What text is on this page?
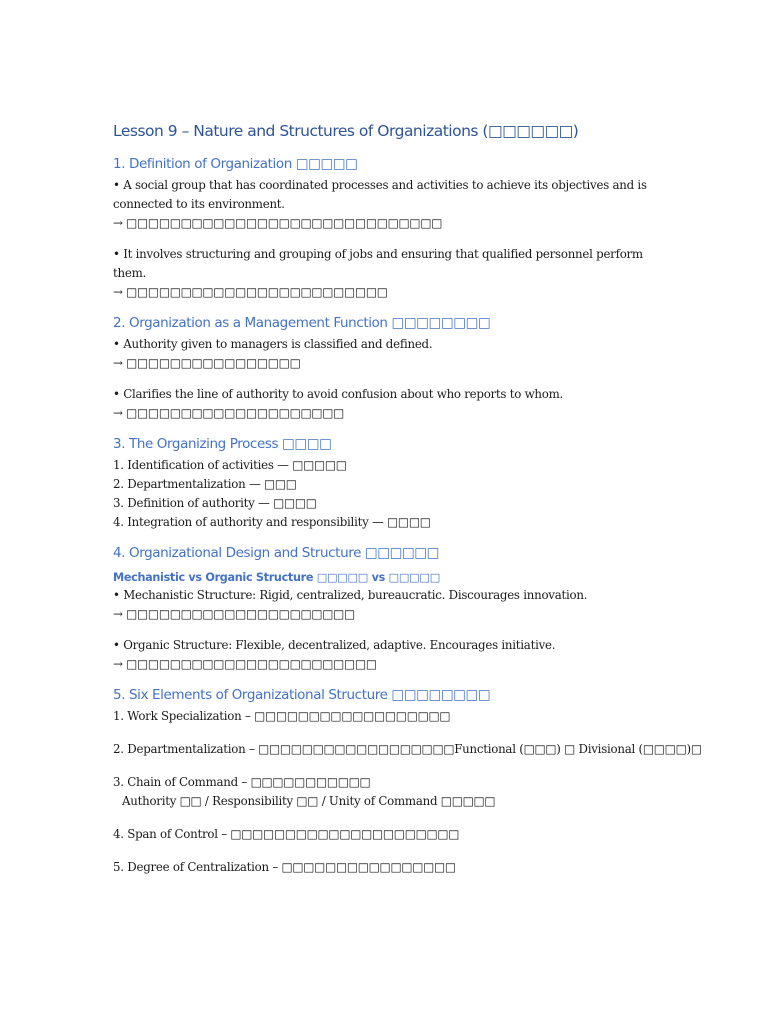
Lesson 9 – Nature and Structures of Organizations (□□□□□□)
1. Definition of Organization □□□□□

• A social group that has coordinated processes and activities to achieve its objectives and is connected to its environment.

→ □□□□□□□□□□□□□□□□□□□□□□□□□□□□□

• It involves structuring and grouping of jobs and ensuring that qualified personnel perform them.

→ □□□□□□□□□□□□□□□□□□□□□□□□

2. Organization as a Management Function □□□□□□□□

• Authority given to managers is classified and defined.

→ □□□□□□□□□□□□□□□□

• Clarifies the line of authority to avoid confusion about who reports to whom.

→ □□□□□□□□□□□□□□□□□□□□

3. The Organizing Process □□□□

1. Identification of activities — □□□□□

2. Departmentalization — □□□

3. Definition of authority — □□□□

4. Integration of authority and responsibility — □□□□

4. Organizational Design and Structure □□□□□□
Mechanistic vs Organic Structure □□□□□ vs □□□□□

• Mechanistic Structure: Rigid, centralized, bureaucratic. Discourages innovation.

→ □□□□□□□□□□□□□□□□□□□□□

• Organic Structure: Flexible, decentralized, adaptive. Encourages initiative.

→ □□□□□□□□□□□□□□□□□□□□□□□

5. Six Elements of Organizational Structure □□□□□□□□

1. Work Specialization – □□□□□□□□□□□□□□□□□□

2. Departmentalization – □□□□□□□□□□□□□□□□□□Functional (□□□) □ Divisional (□□□□)□

3. Chain of Command – □□□□□□□□□□□

Authority □□ / Responsibility □□ / Unity of Command □□□□□

4. Span of Control – □□□□□□□□□□□□□□□□□□□□□

5. Degree of Centralization – □□□□□□□□□□□□□□□□
